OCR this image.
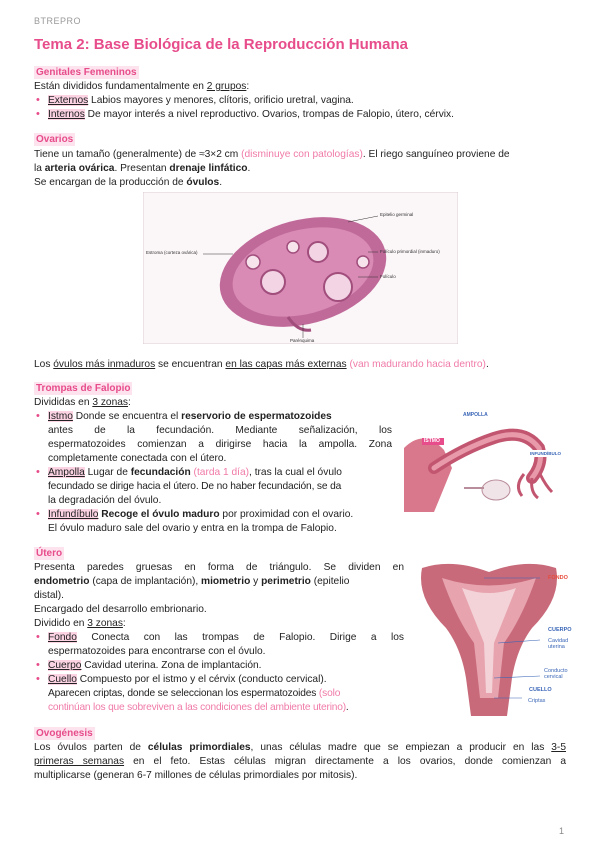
BTREPRO
Tema 2: Base Biológica de la Reproducción Humana
Genitales Femeninos
Están divididos fundamentalmente en 2 grupos:
• Externos Labios mayores y menores, clítoris, orificio uretral, vagina.
• Internos De mayor interés a nivel reproductivo. Ovarios, trompas de Falopio, útero, cérvix.
Ovarios
Tiene un tamaño (generalmente) de ≈3×2 cm (disminuye con patologías). El riego sanguíneo proviene de
la arteria ovárica. Presentan drenaje linfático.
Se encargan de la producción de óvulos.
Epitelio germinal
Estroma (corteza ovárica)	Folículo primordial (inmaduro)
Folículo
Parénquima
Los óvulos más inmaduros se encuentran en las capas más externas (van madurando hacia dentro).
Trompas de Falopio
Divididas en 3 zonas:
• Istmo Donde se encuentra el reservorio de espermatozoides
antes de la fecundación. Mediante señalización, los
espermatozoides comienzan a dirigirse hacia la ampolla. Zona
completamente conectada con el útero.
• Ampolla Lugar de fecundación (tarda 1 día), tras la cual el óvulo
fecundado se dirige hacia el útero. De no haber fecundación, se da
la degradación del óvulo.
• Infundíbulo Recoge el óvulo maduro por proximidad con el ovario.
El óvulo maduro sale del ovario y entra en la trompa de Falopio.
AMPOLLA
ISTMO
INFUNDÍBULO
Útero
Presenta paredes gruesas en forma de triángulo. Se dividen en
endometrio (capa de implantación), miometrio y perimetrio (epitelio
distal).
Encargado del desarrollo embrionario.
Dividido en 3 zonas:
• Fondo Conecta con las trompas de Falopio. Dirige a los
espermatozoides para encontrarse con el óvulo.
• Cuerpo Cavidad uterina. Zona de implantación.
• Cuello Compuesto por el istmo y el cérvix (conducto cervical).
Aparecen criptas, donde se seleccionan los espermatozoides (solo
continúan los que sobreviven a las condiciones del ambiente uterino).
FONDO
CUERPO
Cavidad uterina
Conducto cervical
CUELLO
Criptas
Ovogénesis
Los óvulos parten de células primordiales, unas células madre que se empiezan a producir en las 3-5
primeras semanas en el feto. Estas células migran directamente a los ovarios, donde comienzan a
multiplicarse (generan 6-7 millones de células primordiales por mitosis).
1
